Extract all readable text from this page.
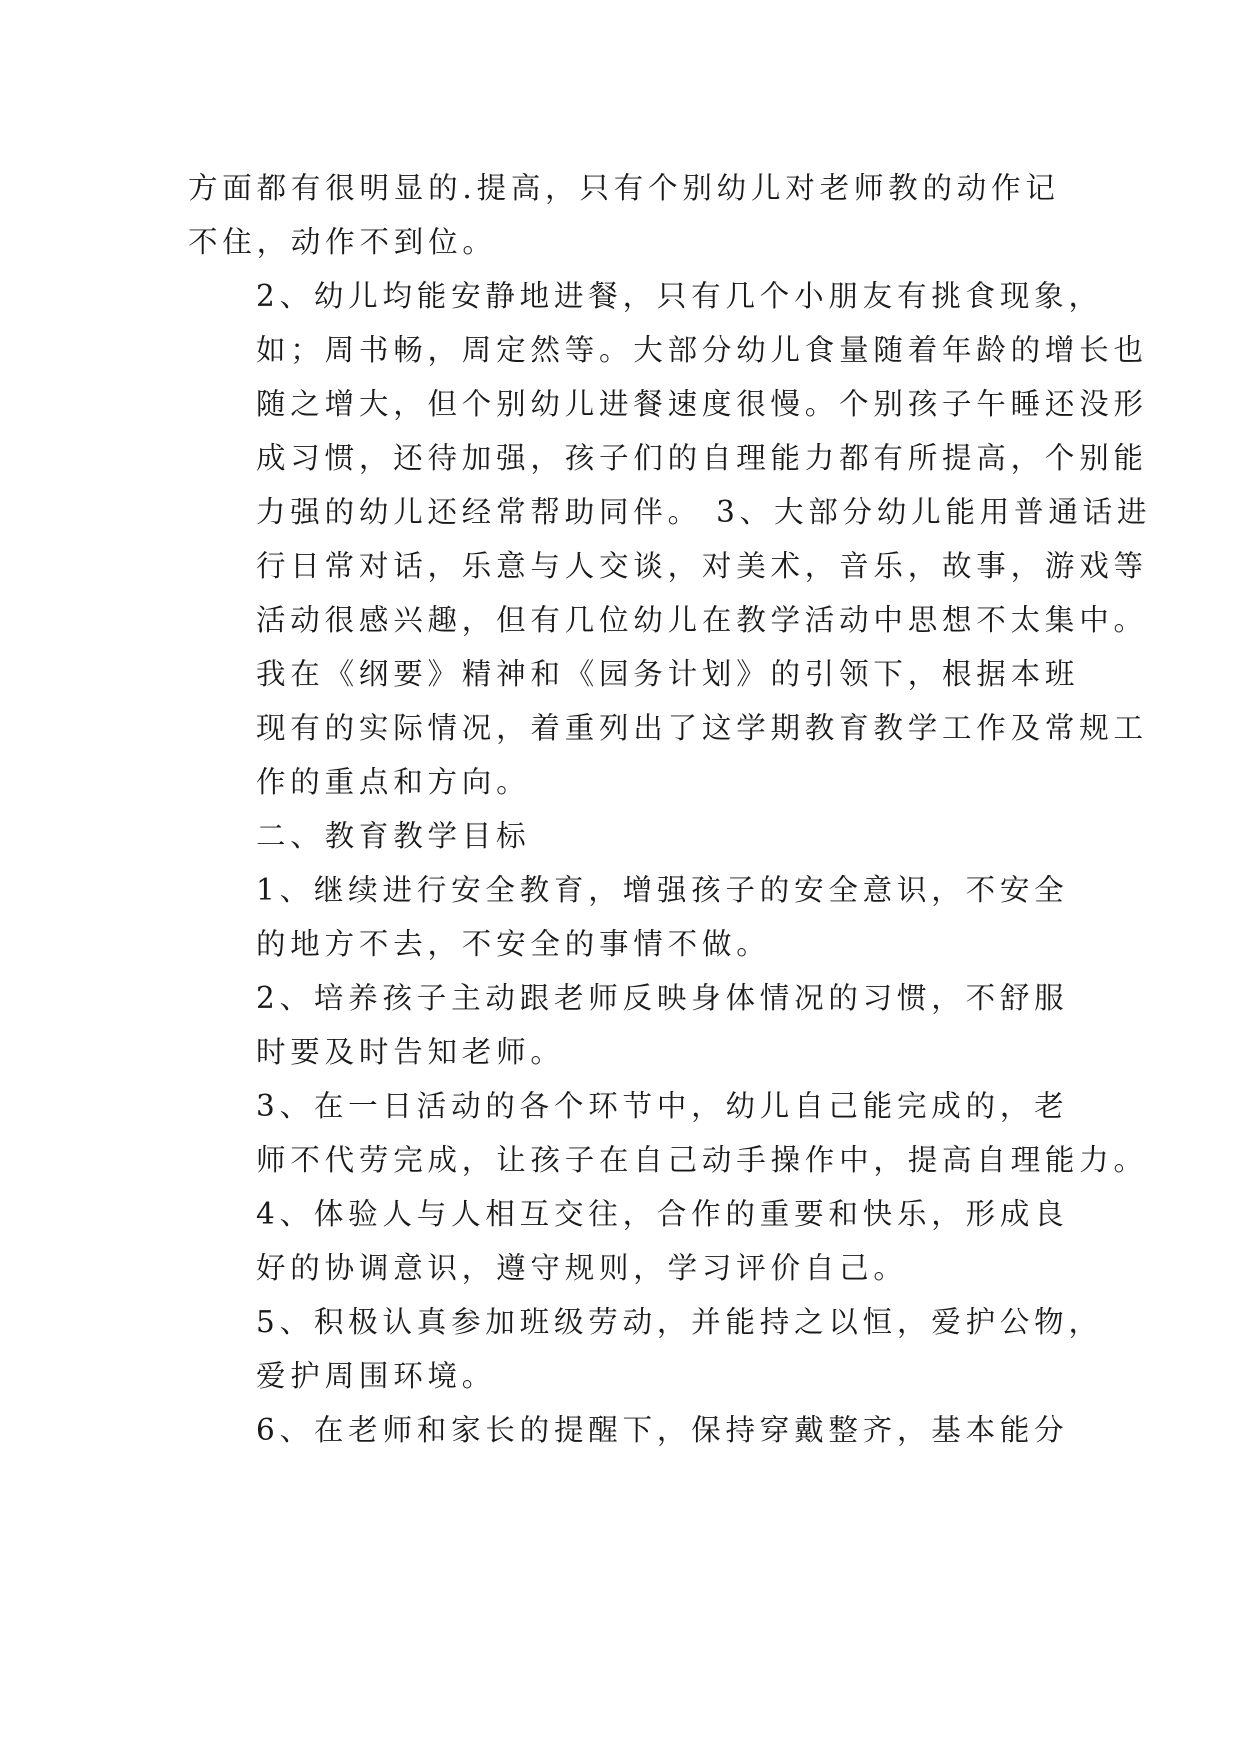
方面都有很明显的.提高，只有个别幼儿对老师教的动作记
不住，动作不到位。

2、幼儿均能安静地进餐，只有几个小朋友有挑食现象，
如；周书畅，周定然等。大部分幼儿食量随着年龄的增长也
随之增大，但个别幼儿进餐速度很慢。个别孩子午睡还没形
成习惯，还待加强，孩子们的自理能力都有所提高，个别能
力强的幼儿还经常帮助同伴。 3、大部分幼儿能用普通话进
行日常对话，乐意与人交谈，对美术，音乐，故事，游戏等
活动很感兴趣，但有几位幼儿在教学活动中思想不太集中。

我在《纲要》精神和《园务计划》的引领下，根据本班
现有的实际情况，着重列出了这学期教育教学工作及常规工
作的重点和方向。

二、教育教学目标

1、继续进行安全教育，增强孩子的安全意识，不安全
的地方不去，不安全的事情不做。

2、培养孩子主动跟老师反映身体情况的习惯，不舒服
时要及时告知老师。

3、在一日活动的各个环节中，幼儿自己能完成的，老
师不代劳完成，让孩子在自己动手操作中，提高自理能力。

4、体验人与人相互交往，合作的重要和快乐，形成良
好的协调意识，遵守规则，学习评价自己。

5、积极认真参加班级劳动，并能持之以恒，爱护公物，
爱护周围环境。

6、在老师和家长的提醒下，保持穿戴整齐，基本能分
